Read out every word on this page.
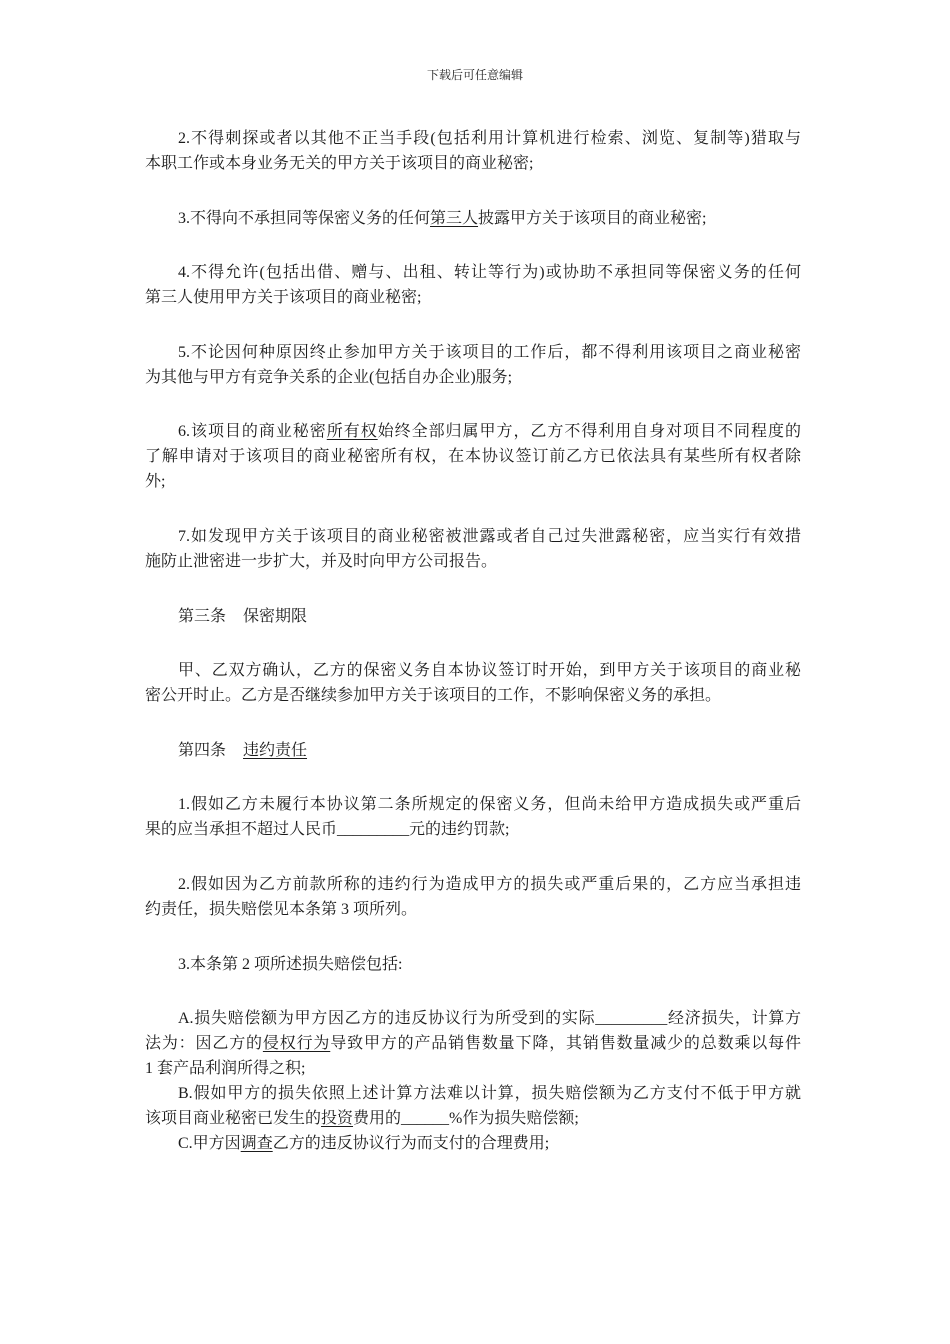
下载后可任意编辑
2.不得刺探或者以其他不正当手段(包括利用计算机进行检索、浏览、复制等)猎取与
本职工作或本身业务无关的甲方关于该项目的商业秘密;
3.不得向不承担同等保密义务的任何第三人披露甲方关于该项目的商业秘密;
4.不得允许(包括出借、赠与、出租、转让等行为)或协助不承担同等保密义务的任何
第三人使用甲方关于该项目的商业秘密;
5.不论因何种原因终止参加甲方关于该项目的工作后，都不得利用该项目之商业秘密
为其他与甲方有竞争关系的企业(包括自办企业)服务;
6.该项目的商业秘密所有权始终全部归属甲方，乙方不得利用自身对项目不同程度的
了解申请对于该项目的商业秘密所有权，在本协议签订前乙方已依法具有某些所有权者除
外;
7.如发现甲方关于该项目的商业秘密被泄露或者自己过失泄露秘密，应当实行有效措
施防止泄密进一步扩大，并及时向甲方公司报告。
第三条 保密期限
甲、乙双方确认，乙方的保密义务自本协议签订时开始，到甲方关于该项目的商业秘
密公开时止。乙方是否继续参加甲方关于该项目的工作，不影响保密义务的承担。
第四条 违约责任
1.假如乙方未履行本协议第二条所规定的保密义务，但尚未给甲方造成损失或严重后
果的应当承担不超过人民币_________元的违约罚款;
2.假如因为乙方前款所称的违约行为造成甲方的损失或严重后果的，乙方应当承担违
约责任，损失赔偿见本条第 3 项所列。
3.本条第 2 项所述损失赔偿包括:
A.损失赔偿额为甲方因乙方的违反协议行为所受到的实际_________经济损失，计算方
法为：因乙方的侵权行为导致甲方的产品销售数量下降，其销售数量减少的总数乘以每件
1 套产品利润所得之积;
B.假如甲方的损失依照上述计算方法难以计算，损失赔偿额为乙方支付不低于甲方就
该项目商业秘密已发生的投资费用的______%作为损失赔偿额;
C.甲方因调查乙方的违反协议行为而支付的合理费用;
